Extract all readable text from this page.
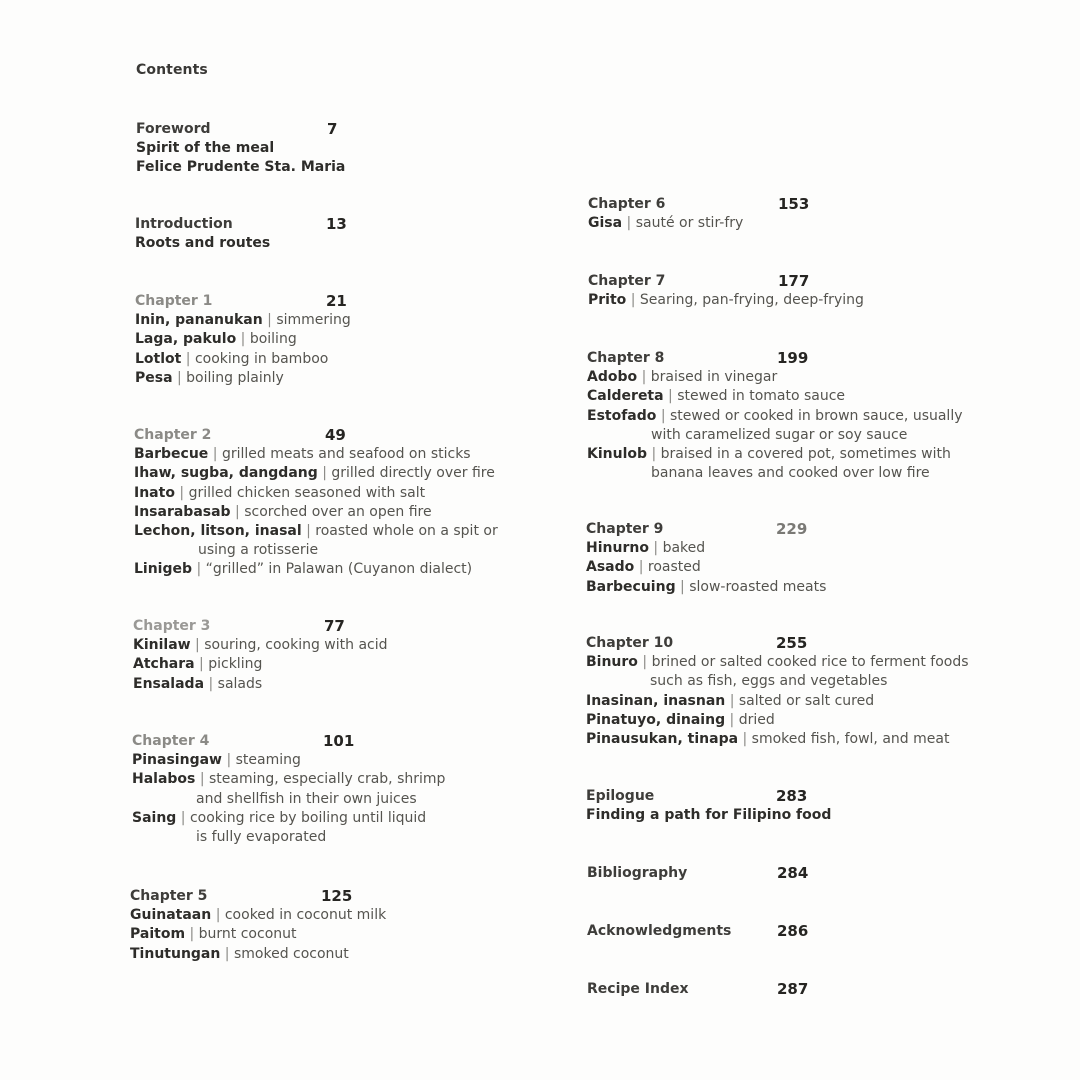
Contents
Foreword	7
Spirit of the meal
Felice Prudente Sta. Maria
Introduction	13
Roots and routes
Chapter 1	21
Inin, pananukan | simmering
Laga, pakulo | boiling
Lotlot | cooking in bamboo
Pesa | boiling plainly
Chapter 2	49
Barbecue | grilled meats and seafood on sticks
Ihaw, sugba, dangdang | grilled directly over fire
Inato | grilled chicken seasoned with salt
Insarabasab | scorched over an open fire
Lechon, litson, inasal | roasted whole on a spit or
using a rotisserie
Linigeb | “grilled” in Palawan (Cuyanon dialect)
Chapter 3	77
Kinilaw | souring, cooking with acid
Atchara | pickling
Ensalada | salads
Chapter 4	101
Pinasingaw | steaming
Halabos | steaming, especially crab, shrimp
and shellfish in their own juices
Saing | cooking rice by boiling until liquid
is fully evaporated
Chapter 5	125
Guinataan | cooked in coconut milk
Paitom | burnt coconut
Tinutungan | smoked coconut
Chapter 6	153
Gisa | sauté or stir-fry
Chapter 7	177
Prito | Searing, pan-frying, deep-frying
Chapter 8	199
Adobo | braised in vinegar
Caldereta | stewed in tomato sauce
Estofado | stewed or cooked in brown sauce, usually
with caramelized sugar or soy sauce
Kinulob | braised in a covered pot, sometimes with
banana leaves and cooked over low fire
Chapter 9	229
Hinurno | baked
Asado | roasted
Barbecuing | slow-roasted meats
Chapter 10	255
Binuro | brined or salted cooked rice to ferment foods
such as fish, eggs and vegetables
Inasinan, inasnan | salted or salt cured
Pinatuyo, dinaing | dried
Pinausukan, tinapa | smoked fish, fowl, and meat
Epilogue	283
Finding a path for Filipino food
Bibliography	284
Acknowledgments	286
Recipe Index	287
